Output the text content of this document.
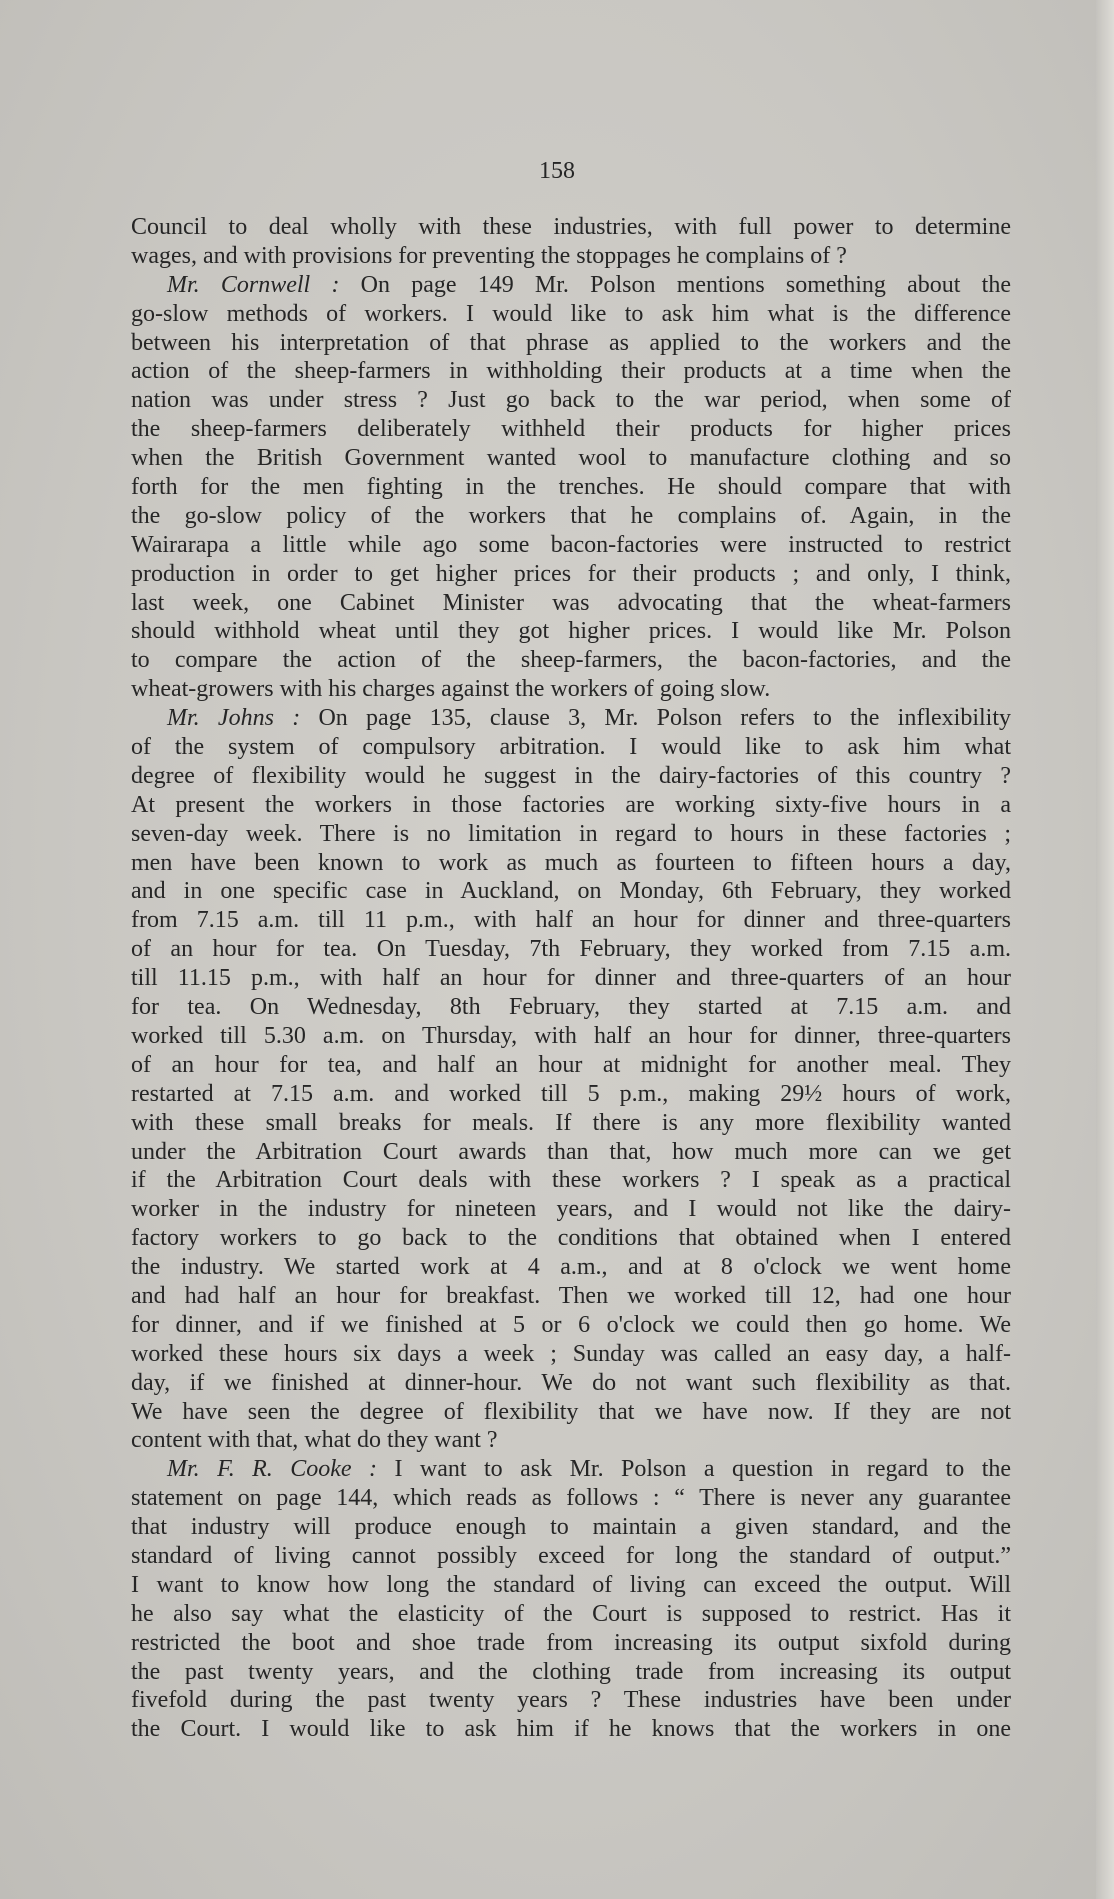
158
Council to deal wholly with these industries, with full power to determine
wages, and with provisions for preventing the stoppages he complains of ?
Mr. Cornwell : On page 149 Mr. Polson mentions something about the
go-slow methods of workers. I would like to ask him what is the difference
between his interpretation of that phrase as applied to the workers and the
action of the sheep-farmers in withholding their products at a time when the
nation was under stress ? Just go back to the war period, when some of
the sheep-farmers deliberately withheld their products for higher prices
when the British Government wanted wool to manufacture clothing and so
forth for the men fighting in the trenches. He should compare that with
the go-slow policy of the workers that he complains of. Again, in the
Wairarapa a little while ago some bacon-factories were instructed to restrict
production in order to get higher prices for their products ; and only, I think,
last week, one Cabinet Minister was advocating that the wheat-farmers
should withhold wheat until they got higher prices. I would like Mr. Polson
to compare the action of the sheep-farmers, the bacon-factories, and the
wheat-growers with his charges against the workers of going slow.
Mr. Johns : On page 135, clause 3, Mr. Polson refers to the inflexibility
of the system of compulsory arbitration. I would like to ask him what
degree of flexibility would he suggest in the dairy-factories of this country ?
At present the workers in those factories are working sixty-five hours in a
seven-day week. There is no limitation in regard to hours in these factories ;
men have been known to work as much as fourteen to fifteen hours a day,
and in one specific case in Auckland, on Monday, 6th February, they worked
from 7.15 a.m. till 11 p.m., with half an hour for dinner and three-quarters
of an hour for tea. On Tuesday, 7th February, they worked from 7.15 a.m.
till 11.15 p.m., with half an hour for dinner and three-quarters of an hour
for tea. On Wednesday, 8th February, they started at 7.15 a.m. and
worked till 5.30 a.m. on Thursday, with half an hour for dinner, three-quarters
of an hour for tea, and half an hour at midnight for another meal. They
restarted at 7.15 a.m. and worked till 5 p.m., making 29½ hours of work,
with these small breaks for meals. If there is any more flexibility wanted
under the Arbitration Court awards than that, how much more can we get
if the Arbitration Court deals with these workers ? I speak as a practical
worker in the industry for nineteen years, and I would not like the dairy-
factory workers to go back to the conditions that obtained when I entered
the industry. We started work at 4 a.m., and at 8 o'clock we went home
and had half an hour for breakfast. Then we worked till 12, had one hour
for dinner, and if we finished at 5 or 6 o'clock we could then go home. We
worked these hours six days a week ; Sunday was called an easy day, a half-
day, if we finished at dinner-hour. We do not want such flexibility as that.
We have seen the degree of flexibility that we have now. If they are not
content with that, what do they want ?
Mr. F. R. Cooke : I want to ask Mr. Polson a question in regard to the
statement on page 144, which reads as follows : “ There is never any guarantee
that industry will produce enough to maintain a given standard, and the
standard of living cannot possibly exceed for long the standard of output.”
I want to know how long the standard of living can exceed the output. Will
he also say what the elasticity of the Court is supposed to restrict. Has it
restricted the boot and shoe trade from increasing its output sixfold during
the past twenty years, and the clothing trade from increasing its output
fivefold during the past twenty years ? These industries have been under
the Court. I would like to ask him if he knows that the workers in one
